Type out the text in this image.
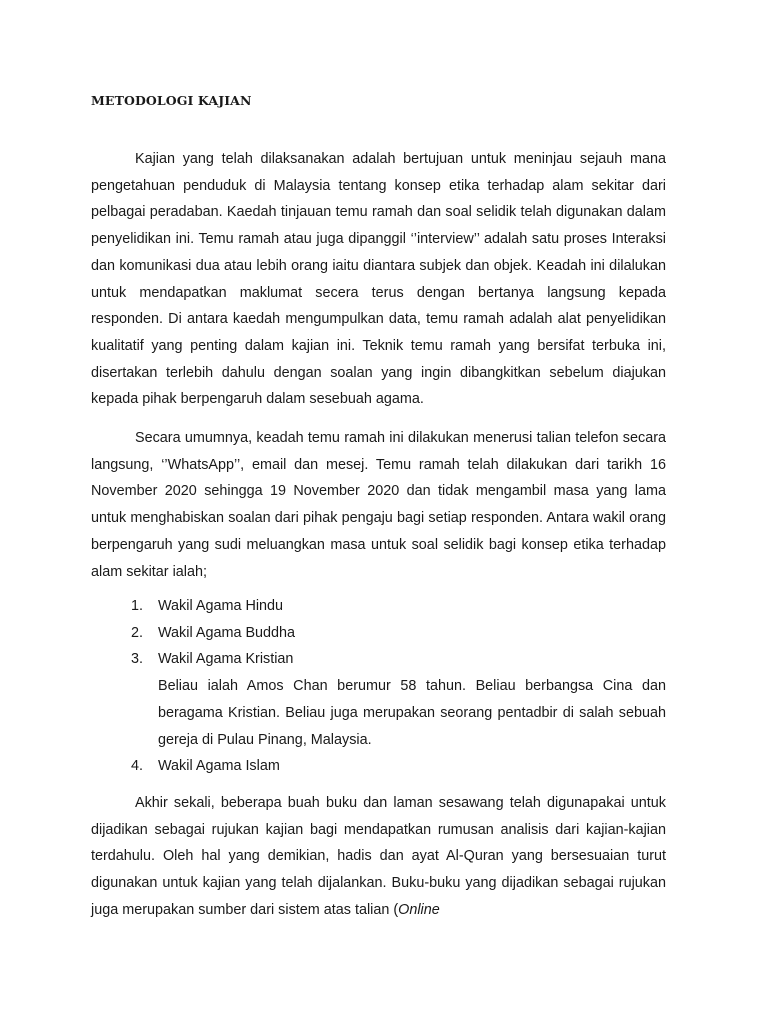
METODOLOGI KAJIAN

Kajian yang telah dilaksanakan adalah bertujuan untuk meninjau sejauh mana pengetahuan penduduk di Malaysia tentang konsep etika terhadap alam sekitar dari pelbagai peradaban. Kaedah tinjauan temu ramah dan soal selidik telah digunakan dalam penyelidikan ini. Temu ramah atau juga dipanggil ‘’interview’’ adalah satu proses Interaksi dan komunikasi dua atau lebih orang iaitu diantara subjek dan objek. Keadah ini dilalukan untuk mendapatkan maklumat secera terus dengan bertanya langsung kepada responden. Di antara kaedah mengumpulkan data, temu ramah adalah alat penyelidikan kualitatif yang penting dalam kajian ini. Teknik temu ramah yang bersifat terbuka ini, disertakan terlebih dahulu dengan soalan yang ingin dibangkitkan sebelum diajukan kepada pihak berpengaruh dalam sesebuah agama.

Secara umumnya, keadah temu ramah ini dilakukan menerusi talian telefon secara langsung, ‘’WhatsApp’’, email dan mesej. Temu ramah telah dilakukan dari tarikh 16 November 2020 sehingga 19 November 2020 dan tidak mengambil masa yang lama untuk menghabiskan soalan dari pihak pengaju bagi setiap responden. Antara wakil orang berpengaruh yang sudi meluangkan masa untuk soal selidik bagi konsep etika terhadap alam sekitar ialah;

1. Wakil Agama Hindu
2. Wakil Agama Buddha
3. Wakil Agama Kristian
Beliau ialah Amos Chan berumur 58 tahun. Beliau berbangsa Cina dan beragama Kristian. Beliau juga merupakan seorang pentadbir di salah sebuah gereja di Pulau Pinang, Malaysia.
4. Wakil Agama Islam

Akhir sekali, beberapa buah buku dan laman sesawang telah digunapakai untuk dijadikan sebagai rujukan kajian bagi mendapatkan rumusan analisis dari kajian-kajian terdahulu. Oleh hal yang demikian, hadis dan ayat Al-Quran yang bersesuaian turut digunakan untuk kajian yang telah dijalankan. Buku-buku yang dijadikan sebagai rujukan juga merupakan sumber dari sistem atas talian (Online
